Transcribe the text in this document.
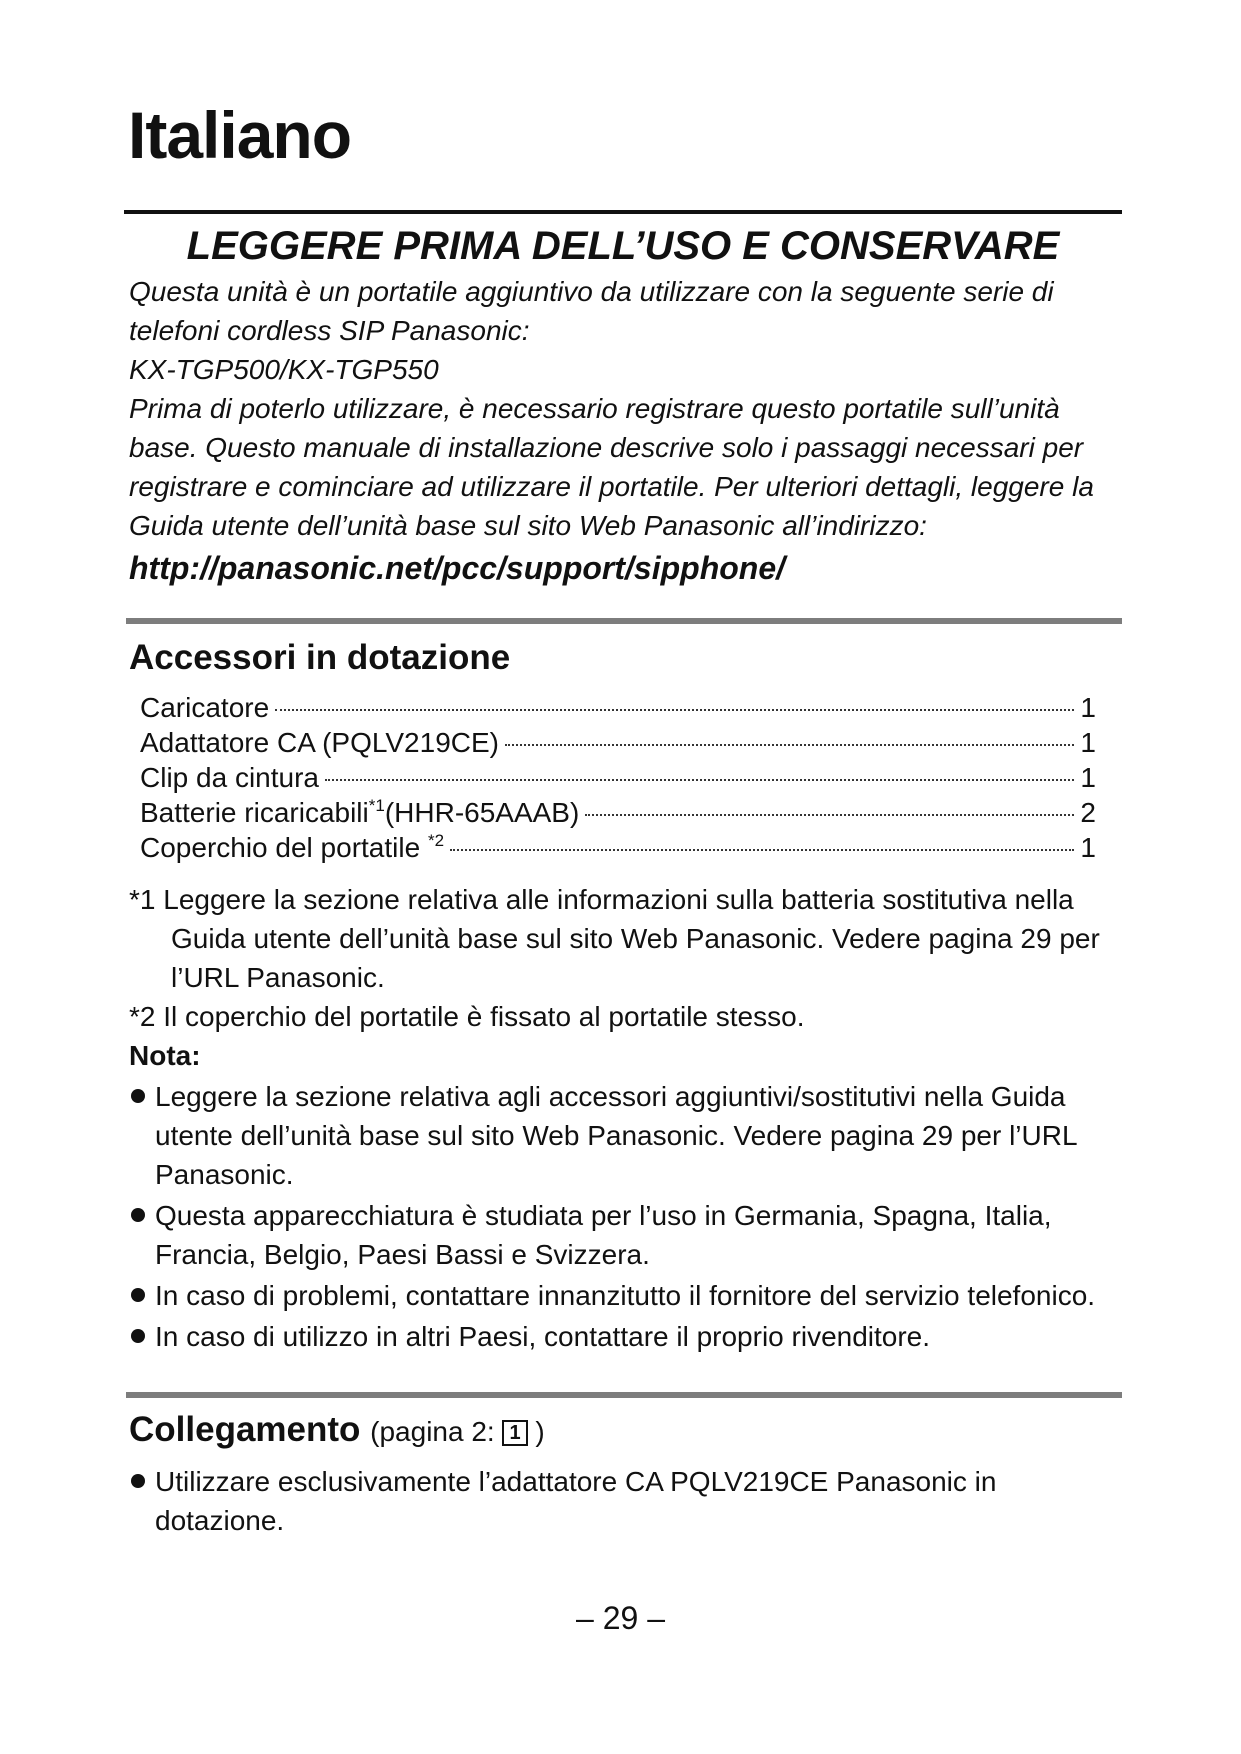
Italiano
LEGGERE PRIMA DELL’USO E CONSERVARE
Questa unità è un portatile aggiuntivo da utilizzare con la seguente serie di
telefoni cordless SIP Panasonic:
KX-TGP500/KX-TGP550
Prima di poterlo utilizzare, è necessario registrare questo portatile sull’unità
base. Questo manuale di installazione descrive solo i passaggi necessari per
registrare e cominciare ad utilizzare il portatile. Per ulteriori dettagli, leggere la
Guida utente dell’unità base sul sito Web Panasonic all’indirizzo:
http://panasonic.net/pcc/support/sipphone/
Accessori in dotazione
Caricatore	1
Adattatore CA (PQLV219CE)	1
Clip da cintura	1
Batterie ricaricabili$^{*1}$(HHR-65AAAB)	2
Coperchio del portatile $^{*2}$	1
*1 Leggere la sezione relativa alle informazioni sulla batteria sostitutiva nella Guida utente dell’unità base sul sito Web Panasonic. Vedere pagina 29 per l’URL Panasonic.
*2 Il coperchio del portatile è fissato al portatile stesso.
Nota:
Leggere la sezione relativa agli accessori aggiuntivi/sostitutivi nella Guida utente dell’unità base sul sito Web Panasonic. Vedere pagina 29 per l’URL Panasonic.
Questa apparecchiatura è studiata per l’uso in Germania, Spagna, Italia, Francia, Belgio, Paesi Bassi e Svizzera.
In caso di problemi, contattare innanzitutto il fornitore del servizio telefonico.
In caso di utilizzo in altri Paesi, contattare il proprio rivenditore.
Collegamento (pagina 2: 1 )
Utilizzare esclusivamente l’adattatore CA PQLV219CE Panasonic in dotazione.
– 29 –
